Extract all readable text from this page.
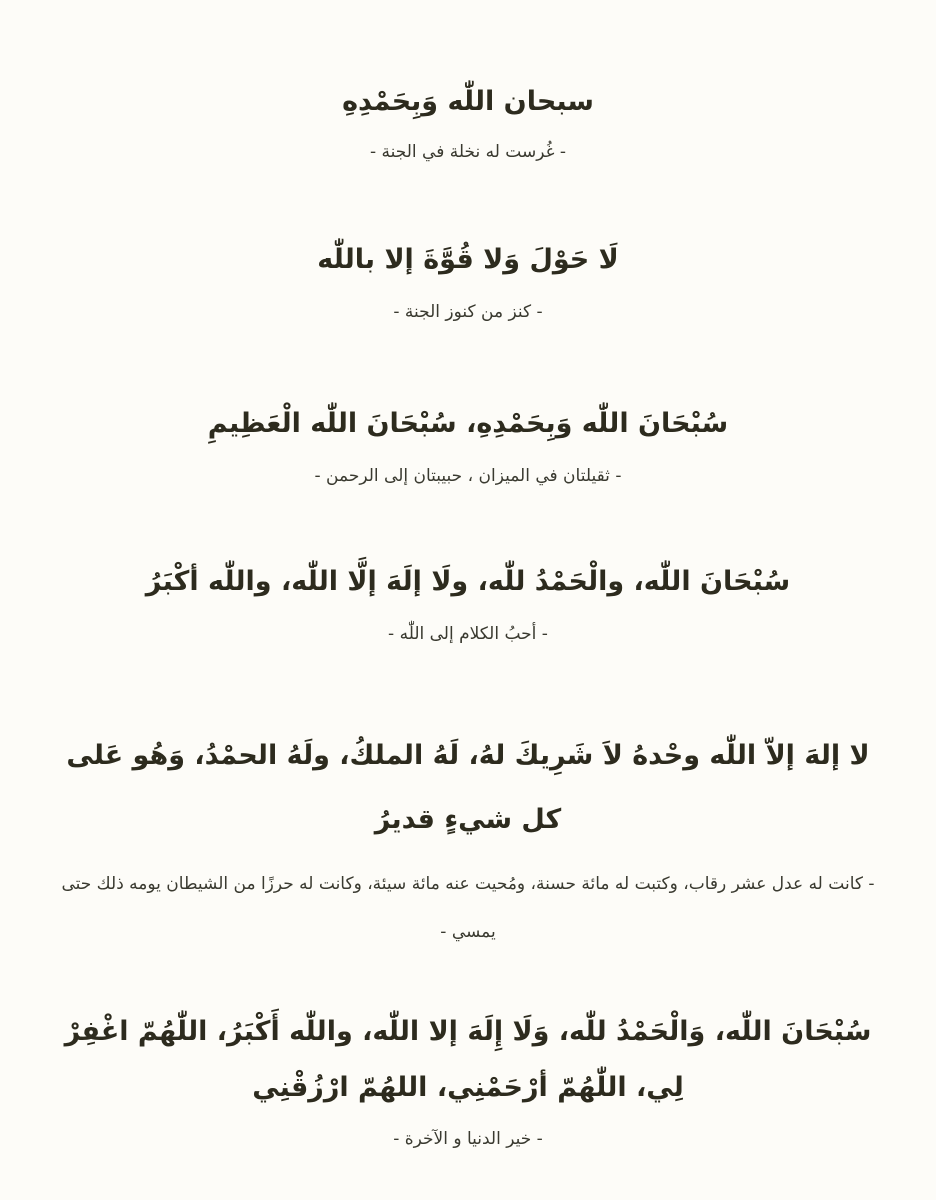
سبحان اللّٰه وَبِحَمْدِهِ

- غُرست له نخلة في الجنة -

لَا حَوْلَ وَلا قُوَّةَ إلا باللّٰه

- كنز من كنوز الجنة -

سُبْحَانَ اللّٰه وَبِحَمْدِهِ، سُبْحَانَ اللّٰه الْعَظِيمِ

- ثقيلتان في الميزان ، حبيبتان إلى الرحمن -

سُبْحَانَ اللّٰه، والْحَمْدُ للّٰه، ولَا إلَهَ إلَّا اللّٰه، واللّٰه أكْبَرُ

- أحبُ الكلام إلى اللّٰه -

لا إلهَ إلاّ اللّٰه وحْدهُ لاَ شَرِيكَ لهُ، لَهُ الملكُ، ولَهُ الحمْدُ، وَهُو عَلى كل شيءٍ قديرُ

- كانت له عدل عشر رقاب، وكتبت له مائة حسنة، ومُحيت عنه مائة سيئة، وكانت له حرزًا من الشيطان يومه ذلك حتى يمسي -

سُبْحَانَ اللّٰه، وَالْحَمْدُ للّٰه، وَلَا إِلَهَ إلا اللّٰه، واللّٰه أَكْبَرُ، اللّٰهُمّ اغْفِرْ لِي، اللّٰهُمّ أرْحَمْنِي، اللهُمّ ارْزُقْنِي

- خير الدنيا و الآخرة -
